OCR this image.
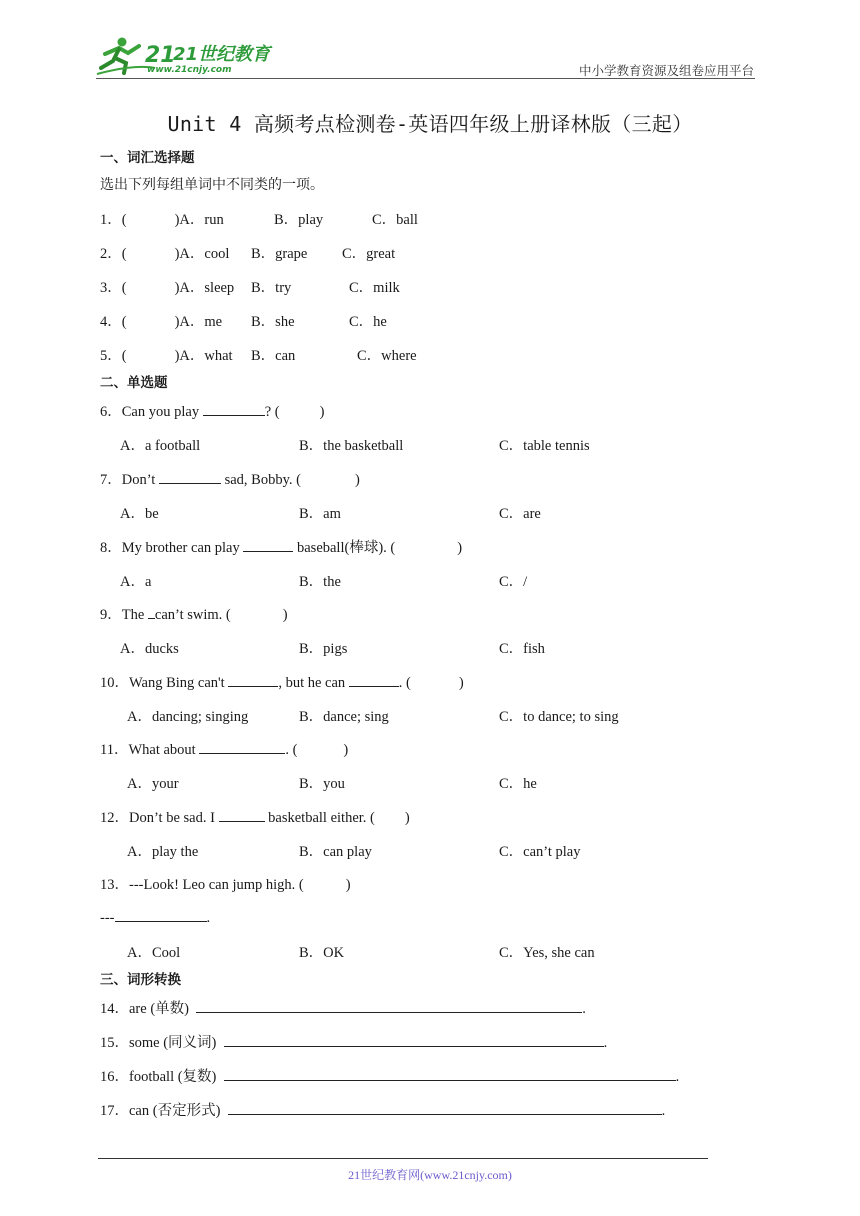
21
21世纪教育
www.21cnjy.com	中小学教育资源及组卷应用平台
Unit 4 高频考点检测卷-英语四年级上册译林版（三起）
一、词汇选择题
选出下列每组单词中不同类的一项。
1．(	)A．run	B．play	C．ball
2．(	)A．cool B．grape C．great
3．(	)A．sleep B．try	C．milk
4．(	)A．me B．she	C．he
5．(	)A．what B．can	C．where
二、单选题
6．Can you play	? (	)
A．a football	B．the basketball	C．table tennis
7．Don’t	sad, Bobby. (	)
A．be	B．am	C．are
8．My brother can play	baseball(棒球). (	)
A．a	B．the	C．/
9．The can’t swim. (	)
A．ducks	B．pigs	C．fish
10．Wang Bing can't	, but he can	. (	)
A．dancing; singing	B．dance; sing	C．to dance; to sing
11．What about	. (	)
A．your	B．you	C．he
12．Don’t be sad. I	basketball either. ( )
A．play the	B．can play	C．can’t play
13．---Look! Leo can jump high. (	)
---	.
A．Cool	B．OK	C．Yes, she can
三、词形转换
14．are (单数)	.
15．some (同义词)	.
16．football (复数)	.
17．can (否定形式)	.
21世纪教育网(www.21cnjy.com)
